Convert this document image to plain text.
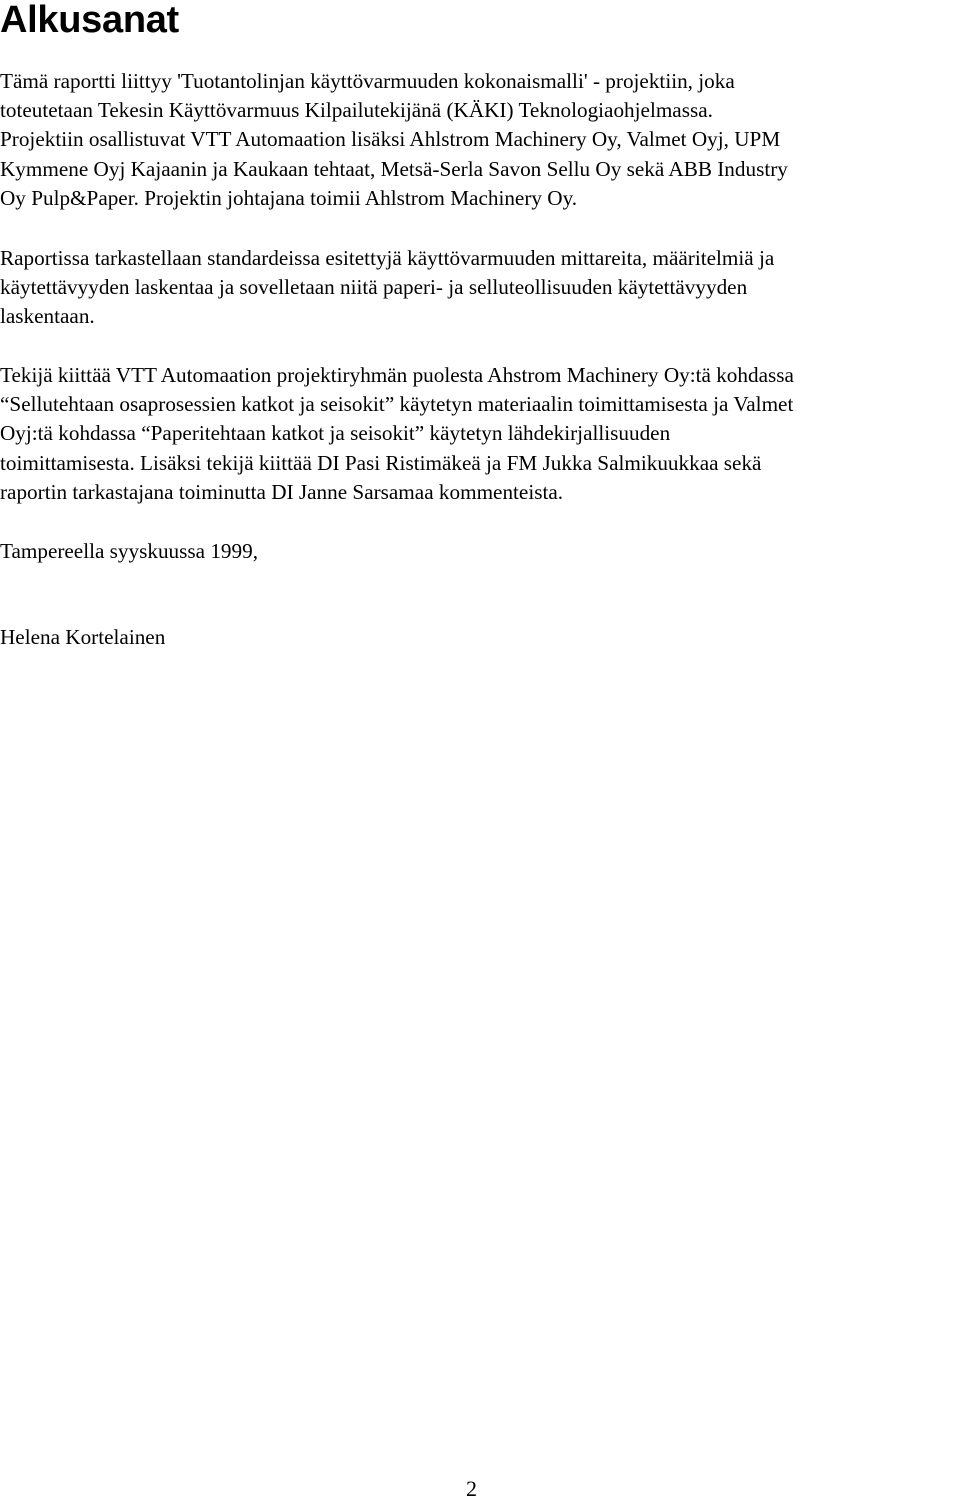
Alkusanat

Tämä raportti liittyy 'Tuotantolinjan käyttövarmuuden kokonaismalli' - projektiin, joka
toteutetaan Tekesin Käyttövarmuus Kilpailutekijänä (KÄKI) Teknologiaohjelmassa.
Projektiin osallistuvat VTT Automaation lisäksi Ahlstrom Machinery Oy, Valmet Oyj, UPM
Kymmene Oyj Kajaanin ja Kaukaan tehtaat, Metsä-Serla Savon Sellu Oy sekä ABB Industry
Oy Pulp&Paper. Projektin johtajana toimii Ahlstrom Machinery Oy.

Raportissa tarkastellaan standardeissa esitettyjä käyttövarmuuden mittareita, määritelmiä ja
käytettävyyden laskentaa ja sovelletaan niitä paperi- ja selluteollisuuden käytettävyyden
laskentaan.

Tekijä kiittää VTT Automaation projektiryhmän puolesta Ahstrom Machinery Oy:tä kohdassa
“Sellutehtaan osaprosessien katkot ja seisokit” käytetyn materiaalin toimittamisesta ja Valmet
Oyj:tä kohdassa “Paperitehtaan katkot ja seisokit” käytetyn lähdekirjallisuuden
toimittamisesta. Lisäksi tekijä kiittää DI Pasi Ristimäkeä ja FM Jukka Salmikuukkaa sekä
raportin tarkastajana toiminutta DI Janne Sarsamaa kommenteista.

Tampereella syyskuussa 1999,

Helena Kortelainen

2
